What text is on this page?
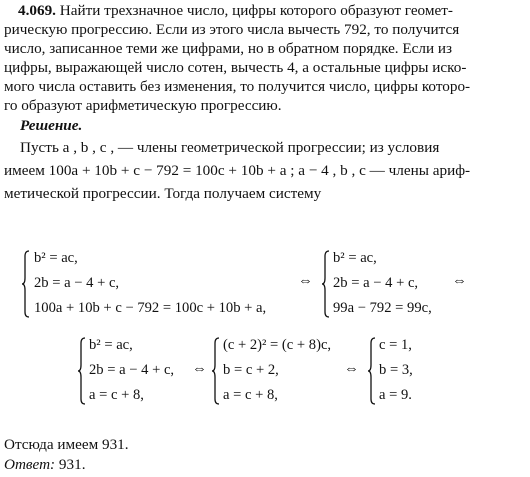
4.069. Найти трехзначное число, цифры которого образуют геомет-
рическую прогрессию. Если из этого числа вычесть 792, то получится
число, записанное теми же цифрами, но в обратном порядке. Если из
цифры, выражающей число сотен, вычесть 4, а остальные цифры иско-
мого числа оставить без изменения, то получится число, цифры которо-
го образуют арифметическую прогрессию.
Решение.
Пусть a , b , c , — члены геометрической прогрессии; из условия
имеем 100a + 10b + c − 792 = 100c + 10b + a ; a − 4 , b , c — члены ариф-
метической прогрессии. Тогда получаем систему
b² = ac,
2b = a − 4 + c,
100a + 10b + c − 792 = 100c + 10b + a,
⇔
b² = ac,
2b = a − 4 + c,
99a − 792 = 99c,
⇔
b² = ac,
2b = a − 4 + c,
a = c + 8,
⇔
(c + 2)² = (c + 8)c,
b = c + 2,
a = c + 8,
⇔
c = 1,
b = 3,
a = 9.
Отсюда имеем 931.
Ответ: 931.
